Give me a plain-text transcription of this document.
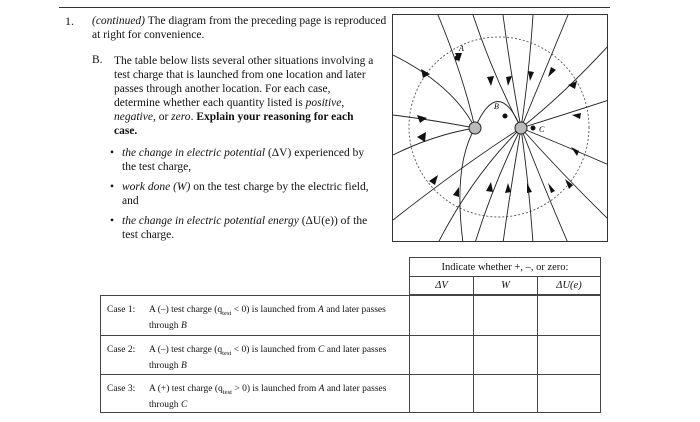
1. (continued) The diagram from the preceding page is reproduced at right for convenience.
B. The table below lists several other situations involving a test charge that is launched from one location and later passes through another location. For each case, determine whether each quantity listed is positive, negative, or zero. Explain your reasoning for each case.
• the change in electric potential (ΔV) experienced by the test charge,
• work done (W) on the test charge by the electric field, and
• the change in electric potential energy (ΔU(e)) of the test charge.
A
B
C
Indicate whether +, –, or zero:
ΔV	W	ΔU(e)
Case 1: A (–) test charge $(q_{test} < 0)$ is launched from A and later passes through B
Case 2: A (–) test charge $(q_{test} < 0)$ is launched from C and later passes through B
Case 3: A (+) test charge $(q_{test} > 0)$ is launched from A and later passes through C
